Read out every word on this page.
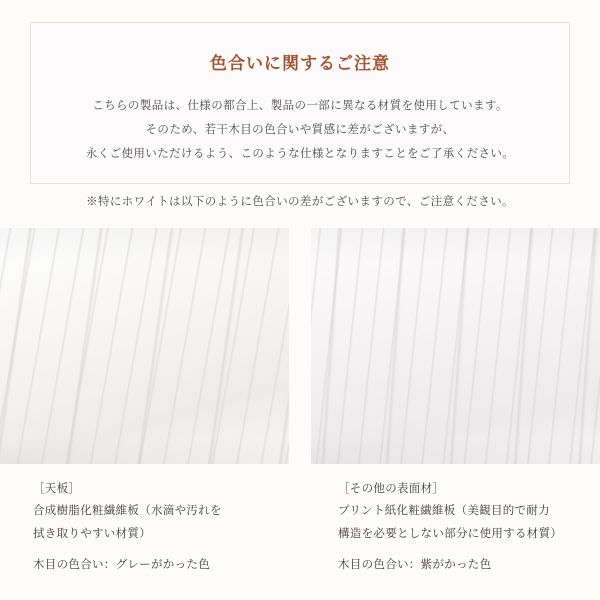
色合いに関するご注意

こちらの製品は、仕様の都合上、製品の一部に異なる材質を使用しています。

そのため、若干木目の色合いや質感に差がございますが、

永くご使用いただけるよう、このような仕様となりますことをご了承ください。

※特にホワイトは以下のように色合いの差がございますので、ご注意ください。

［天板］

合成樹脂化粧繊維板（水滴や汚れを

拭き取りやすい材質）

木目の色合い：グレーがかった色

［その他の表面材］

プリント紙化粧繊維板（美観目的で耐力

構造を必要としない部分に使用する材質）

木目の色合い：紫がかった色
